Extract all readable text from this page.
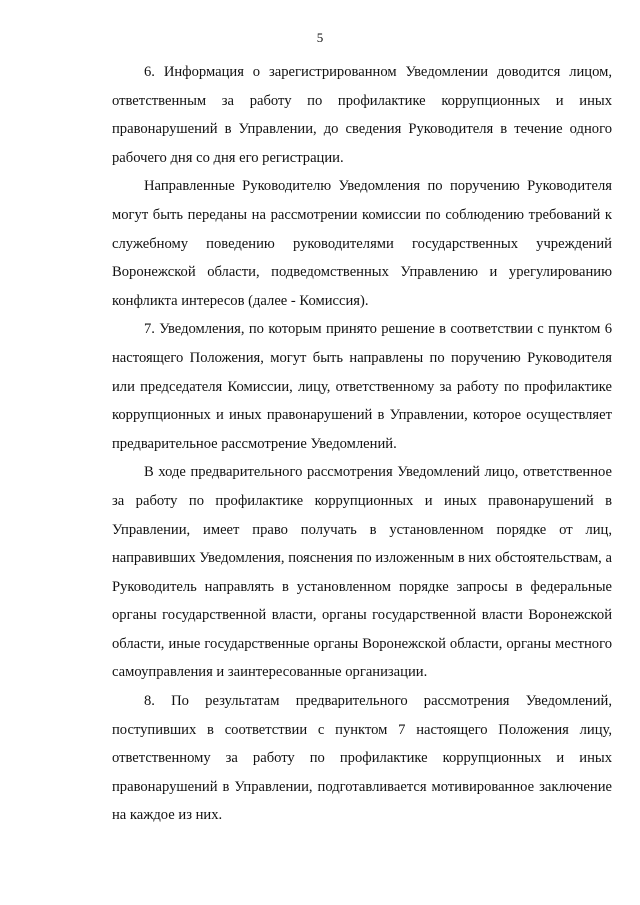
5

6. Информация о зарегистрированном Уведомлении доводится лицом, ответственным за работу по профилактике коррупционных и иных правонарушений в Управлении, до сведения Руководителя в течение одного рабочего дня со дня его регистрации.

Направленные Руководителю Уведомления по поручению Руководителя могут быть переданы на рассмотрении комиссии по соблюдению требований к служебному поведению руководителями государственных учреждений Воронежской области, подведомственных Управлению и урегулированию конфликта интересов (далее - Комиссия).

7. Уведомления, по которым принято решение в соответствии с пунктом 6 настоящего Положения, могут быть направлены по поручению Руководителя или председателя Комиссии, лицу, ответственному за работу по профилактике коррупционных и иных правонарушений в Управлении, которое осуществляет предварительное рассмотрение Уведомлений.

В ходе предварительного рассмотрения Уведомлений лицо, ответственное за работу по профилактике коррупционных и иных правонарушений в Управлении, имеет право получать в установленном порядке от лиц, направивших Уведомления, пояснения по изложенным в них обстоятельствам, а Руководитель направлять в установленном порядке запросы в федеральные органы государственной власти, органы государственной власти Воронежской области, иные государственные органы Воронежской области, органы местного самоуправления и заинтересованные организации.

8. По результатам предварительного рассмотрения Уведомлений, поступивших в соответствии с пунктом 7 настоящего Положения лицу, ответственному за работу по профилактике коррупционных и иных правонарушений в Управлении, подготавливается мотивированное заключение на каждое из них.
